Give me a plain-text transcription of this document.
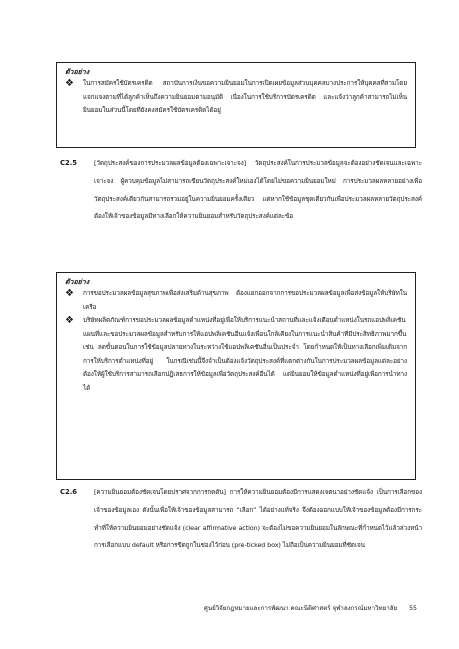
ตัวอย่าง
❖	ในการสมัครใช้บัตรเครดิต สถาบันการเงินขอความยินยอมในการเปิดเผยข้อมูลส่วนบุคคลบางประการให้บุคคลที่สามโดยแจกแจงตามที่ได้ลูกค้าเห็นถึงความยินยอมตามอนุมัติ เนื่องในการใช้บริการบัตรเครดิต และแจ้งว่าลูกค้าสามารถไม่เห็นยินยอมในส่วนนี้โดยที่ยังคงสมัครใช้บัตรเครดิตได้อยู่
C2.5	[วัตถุประสงค์ของการประมวลผลข้อมูลต้องเฉพาะเจาะจง] วัตถุประสงค์ในการประมวลข้อมูลจะต้องอย่างชัดเจนและเฉพาะเจาะจง ผู้ควบคุมข้อมูลไม่สามารถเขียนวัตถุประสงค์ใหม่เองได้โดยไม่ขอความยินยอมใหม่ การประมวลผลหลายอย่างเพื่อวัตถุประสงค์เดียวกันสามารถรวมอยู่ในความยินยอมครั้งเดียว แต่หากใช้ข้อมูลชุดเดียวกันเพื่อประมวลผลหลายวัตถุประสงค์ ต้องให้เจ้าของข้อมูลมีทางเลือกให้ความยินยอมสำหรับวัตถุประสงค์แต่ละข้อ
ตัวอย่าง
❖	การขอประมวลผลข้อมูลสุขภาพเพื่อส่งเสริมด้านสุขภาพ ต้องแยกออกจากการขอประมวลผลข้อมูลเพื่อส่งข้อมูลให้บริษัทในเครือ
❖	บริษัทผลิตภัณฑ์การขอประมวลผลข้อมูลตำแหน่งที่อยู่เพื่อให้บริการแนะนำสถานที่และแจ้งเตือนตำแหน่งในรถแอปพลิเคชันแผนที่และขอประมวลผลข้อมูลสำหรับการให้แอปพลิเคชันอื่นแจ้งเพื่อนใกล้เคียงในการแนะนำสินค้าที่มีประสิทธิภาพมากขึ้น เช่น ลดขั้นตอนในการใช้ข้อมูลปลายทางในระหว่างใช้แอปพลิเคชันอื่นเป็นประจำ โดยกำหนดให้เป็นทางเลือกเพิ่มเติมจากการให้บริการตำแหน่งที่อยู่ ในกรณีเช่นนี้จึงจำเป็นต้องแจ้งวัตถุประสงค์ที่แตกต่างกันในการประมวลผลข้อมูลแต่ละอย่าง ต้องให้ผู้ใช้บริการสามารถเลือกปฏิเสธการให้ข้อมูลเพื่อวัตถุประสงค์อื่นได้ แต่ยินยอมให้ข้อมูลตำแหน่งที่อยู่เพื่อการนำทางได้
C2.6	[ความยินยอมต้องชัดเจนโดยปราศจากการกดดัน] การให้ความยินยอมต้องมีการแสดงเจตนาอย่างชัดแจ้ง เป็นการเลือกของเจ้าของข้อมูลเอง ดังนั้นเพื่อให้เจ้าของข้อมูลสามารถ “เลือก” ได้อย่างแท้จริง จึงต้องออกแบบให้เจ้าของข้อมูลต้องมีการกระทำที่ให้ความยินยอมอย่างชัดแจ้ง (clear affirmative action) จะต้องไม่ขอความยินยอมในลักษณะที่กำหนดไว้แล้วล่วงหน้า การเลือกแบบ default หรือการขีดถูกในช่องไว้ก่อน (pre-ticked box) ไม่ถือเป็นความยินยอมที่ชัดเจน
ศูนย์วิจัยกฎหมายและการพัฒนา คณะนิติศาสตร์ จุฬาลงกรณ์มหาวิทยาลัย 55
